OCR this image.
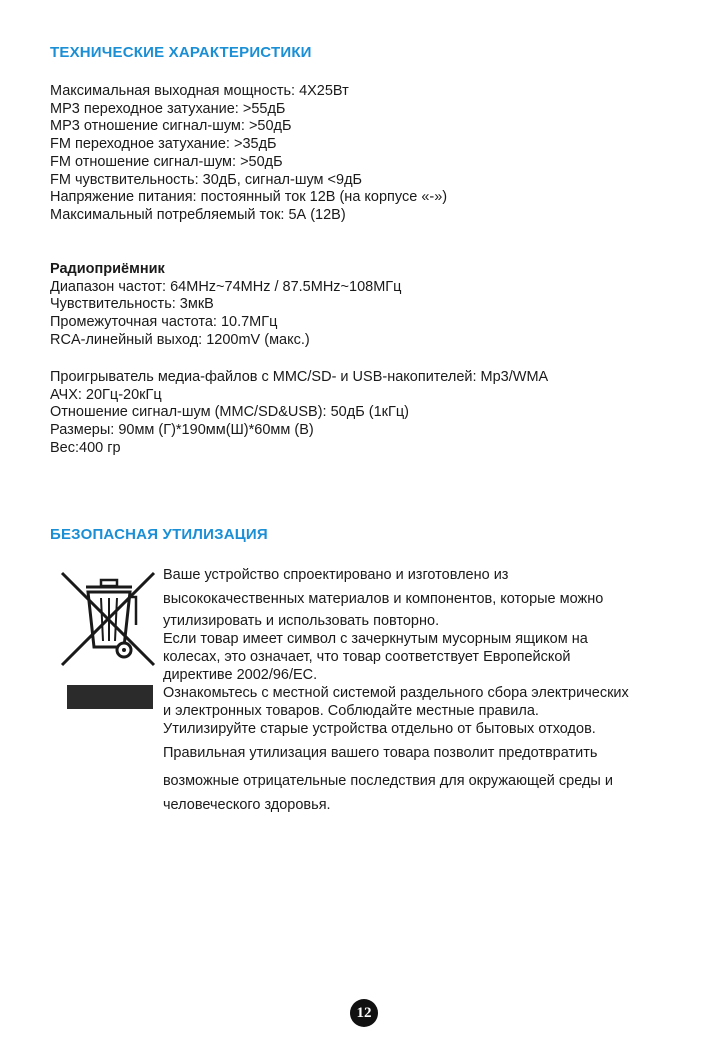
ТЕХНИЧЕСКИЕ ХАРАКТЕРИСТИКИ
Максимальная выходная мощность: 4Х25Вт
MP3 переходное затухание: >55дБ
MP3 отношение сигнал-шум: >50дБ
FM переходное затухание: >35дБ
FM отношение сигнал-шум: >50дБ
FM чувствительность: 30дБ, сигнал-шум <9дБ
Напряжение питания: постоянный ток 12В (на корпусе «-»)
Максимальный потребляемый ток: 5А (12В)
Радиоприёмник
Диапазон частот: 64MHz~74MHz / 87.5MHz~108МГц
Чувствительность: 3мкВ
Промежуточная частота: 10.7МГц
RCA-линейный выход: 1200mV (макс.)
Проигрыватель медиа-файлов с MMC/SD- и USB-накопителей: Mp3/WMA
АЧХ: 20Гц-20кГц
Отношение сигнал-шум (MMC/SD&USB): 50дБ (1кГц)
Размеры: 90мм (Г)*190мм(Ш)*60мм (В)
Вес:400 гр
БЕЗОПАСНАЯ УТИЛИЗАЦИЯ
Ваше устройство спроектировано и изготовлено из
высококачественных материалов и компонентов, которые можно
утилизировать и использовать повторно.
Если товар имеет символ с зачеркнутым мусорным ящиком на
колесах, это означает, что товар соответствует Европейской
директиве 2002/96/EC.
Ознакомьтесь с местной системой раздельного сбора электрических
и электронных товаров. Соблюдайте местные правила.
Утилизируйте старые устройства отдельно от бытовых отходов.
Правильная утилизация вашего товара позволит предотвратить
возможные отрицательные последствия для окружающей среды и
человеческого здоровья.
12
